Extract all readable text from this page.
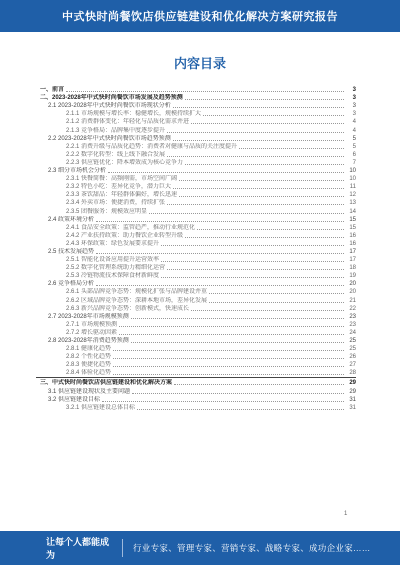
中式快时尚餐饮店供应链建设和优化解决方案研究报告
内容目录
一、前言	3
二、2023-2028年中式快时尚餐饮市场发展及趋势预测	3
2.1 2023-2028年中式快时尚餐饮市场现状分析	3
2.1.1 市场规模与增长率：稳健增长，规模持续扩大	3
2.1.2 消费群体变化：年轻化与品质化需求并进	4
2.1.3 竞争格局：品牌集中度逐步提升	4
2.2 2023-2028年中式快时尚餐饮市场趋势预测	5
2.2.1 消费升级与品质化趋势：消费者对健康与品质的关注度提升	5
2.2.2 数字化转型：线上线下融合发展	6
2.2.3 供应链优化：降本增效成为核心竞争力	7
2.3 细分市场机会分析	10
2.3.1 快餐简餐：高频刚需，市场空间广阔	10
2.3.2 特色小吃：差异化竞争，潜力巨大	11
2.3.3 茶饮甜品：年轻群体偏好，增长迅速	12
2.3.4 外卖市场：便捷消费，持续扩张	13
2.3.5 团餐服务：规模效应明显	14
2.4 政策环境分析	15
2.4.1 食品安全政策：监管趋严，推动行业规范化	15
2.4.2 产业扶持政策：助力餐饮企业转型升级	16
2.4.3 环保政策：绿色发展要求提升	16
2.5 技术发展趋势	17
2.5.1 智能化设备应用提升运营效率	17
2.5.2 数字化管理系统助力精细化运营	18
2.5.3 冷链物流技术保障食材新鲜度	19
2.6 竞争格局分析	20
2.6.1 头部品牌竞争态势：规模化扩张与品牌建设并重	20
2.6.2 区域品牌竞争态势：深耕本地市场，差异化发展	21
2.6.3 新兴品牌竞争态势：创新模式，快速成长	22
2.7 2023-2028年市场规模预测	23
2.7.1 市场规模预测	23
2.7.2 增长驱动因素	24
2.8 2023-2028年消费趋势预测	25
2.8.1 健康化趋势	25
2.8.2 个性化趋势	26
2.8.3 便捷化趋势	27
2.8.4 体验化趋势	28
三、中式快时尚餐饮店供应链建设和优化解决方案	29
3.1 供应链建设现状及主要问题	29
3.2 供应链建设目标	31
3.2.1 供应链建设总体目标	31
1
让每个人都能成为
行业专家、管理专家、营销专家、战略专家、成功企业家……
